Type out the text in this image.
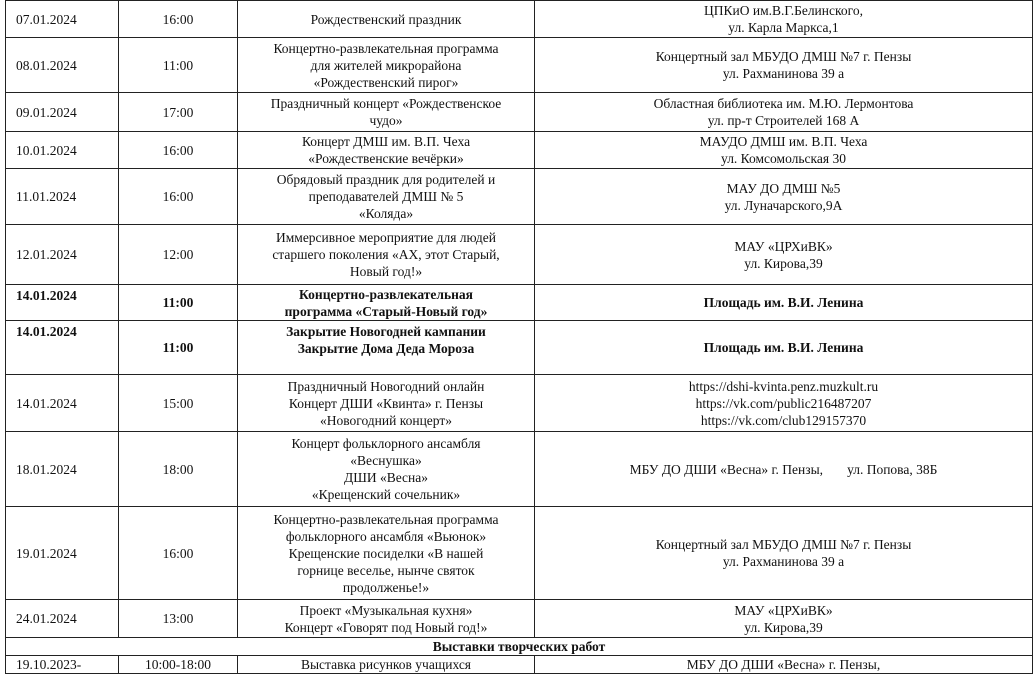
07.01.2024	16:00	Рождественский праздник	ЦПКиО им.В.Г.Белинского,
ул. Карла Маркса,1

08.01.2024	11:00	Концертно-развлекательная программа
для жителей микрорайона
«Рождественский пирог»	Концертный зал МБУДО ДМШ №7 г. Пензы
ул. Рахманинова 39 а

09.01.2024	17:00	Праздничный концерт «Рождественское
чудо»	Областная библиотека им. М.Ю. Лермонтова
ул. пр-т Строителей 168 А

10.01.2024	16:00	Концерт ДМШ им. В.П. Чеха
«Рождественские вечёрки»	МАУДО ДМШ им. В.П. Чеха
ул. Комсомольская 30

11.01.2024	16:00	Обрядовый праздник для родителей и
преподавателей ДМШ № 5
«Коляда»	МАУ ДО ДМШ №5
ул. Луначарского,9А

12.01.2024	12:00	Иммерсивное мероприятие для людей
старшего поколения «АХ, этот Старый,
Новый год!»	МАУ «ЦРХиВК»
ул. Кирова,39

14.01.2024	11:00	Концертно-развлекательная
программа «Старый-Новый год»	Площадь им. В.И. Ленина

14.01.2024	11:00	Закрытие Новогодней кампании
Закрытие Дома Деда Мороза	Площадь им. В.И. Ленина

14.01.2024	15:00	Праздничный Новогодний онлайн
Концерт ДШИ «Квинта» г. Пензы
«Новогодний концерт»	https://dshi-kvinta.penz.muzkult.ru
https://vk.com/public216487207
https://vk.com/club129157370

18.01.2024	18:00	Концерт фольклорного ансамбля
«Веснушка»
ДШИ «Весна»
«Крещенский сочельник»	МБУ ДО ДШИ «Весна» г. Пензы, ул. Попова, 38Б

19.01.2024	16:00	Концертно-развлекательная программа
фольклорного ансамбля «Вьюнок»
Крещенские посиделки «В нашей
горнице веселье, нынче святок
продолженье!»	Концертный зал МБУДО ДМШ №7 г. Пензы
ул. Рахманинова 39 а

24.01.2024	13:00	Проект «Музыкальная кухня»
Концерт «Говорят под Новый год!»	МАУ «ЦРХиВК»
ул. Кирова,39

Выставки творческих работ			
19.10.2023-	10:00-18:00	Выставка рисунков учащихся	МБУ ДО ДШИ «Весна» г. Пензы,
